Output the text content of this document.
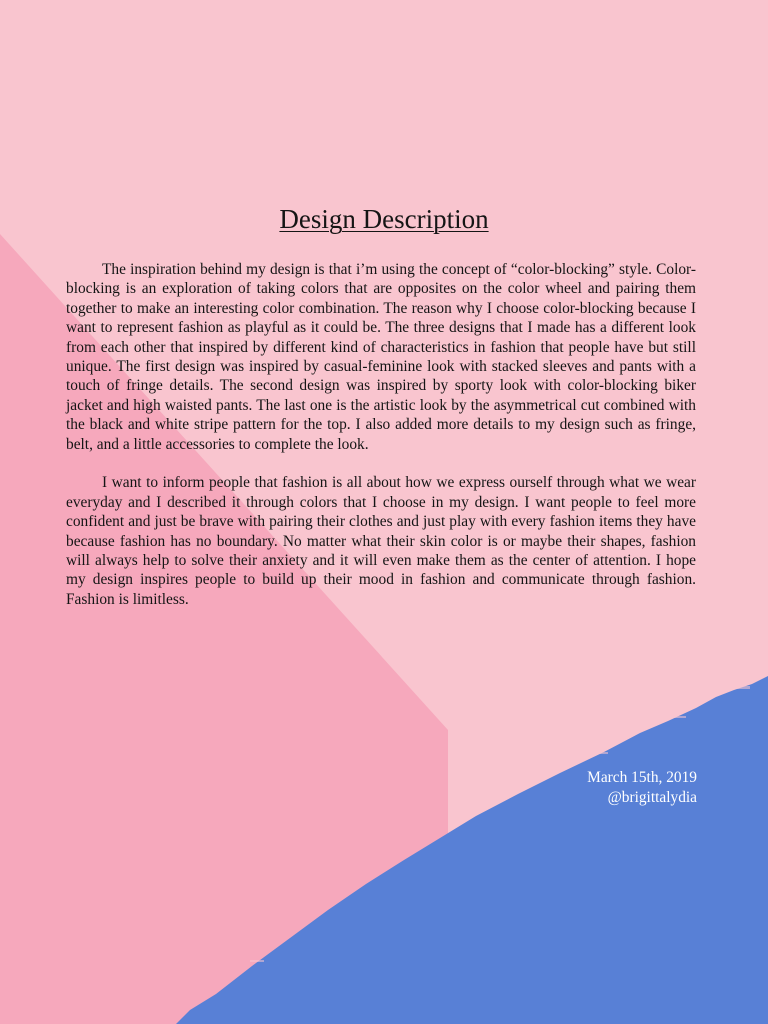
Design Description

The inspiration behind my design is that i’m using the concept of “color-blocking” style. Color-blocking is an exploration of taking colors that are opposites on the color wheel and pairing them together to make an interesting color combination. The reason why I choose color-blocking because I want to represent fashion as playful as it could be. The three designs that I made has a different look from each other that inspired by different kind of characteristics in fashion that people have but still unique. The first design was inspired by casual-feminine look with stacked sleeves and pants with a touch of fringe details. The second design was inspired by sporty look with color-blocking biker jacket and high waisted pants. The last one is the artistic look by the asymmetrical cut combined with the black and white stripe pattern for the top. I also added more details to my design such as fringe, belt, and a little accessories to complete the look.

I want to inform people that fashion is all about how we express ourself through what we wear everyday and I described it through colors that I choose in my design. I want people to feel more confident and just be brave with pairing their clothes and just play with every fashion items they have because fashion has no boundary. No matter what their skin color is or maybe their shapes, fashion will always help to solve their anxiety and it will even make them as the center of attention. I hope my design inspires people to build up their mood in fashion and communicate through fashion. Fashion is limitless.

March 15th, 2019
@brigittalydia
